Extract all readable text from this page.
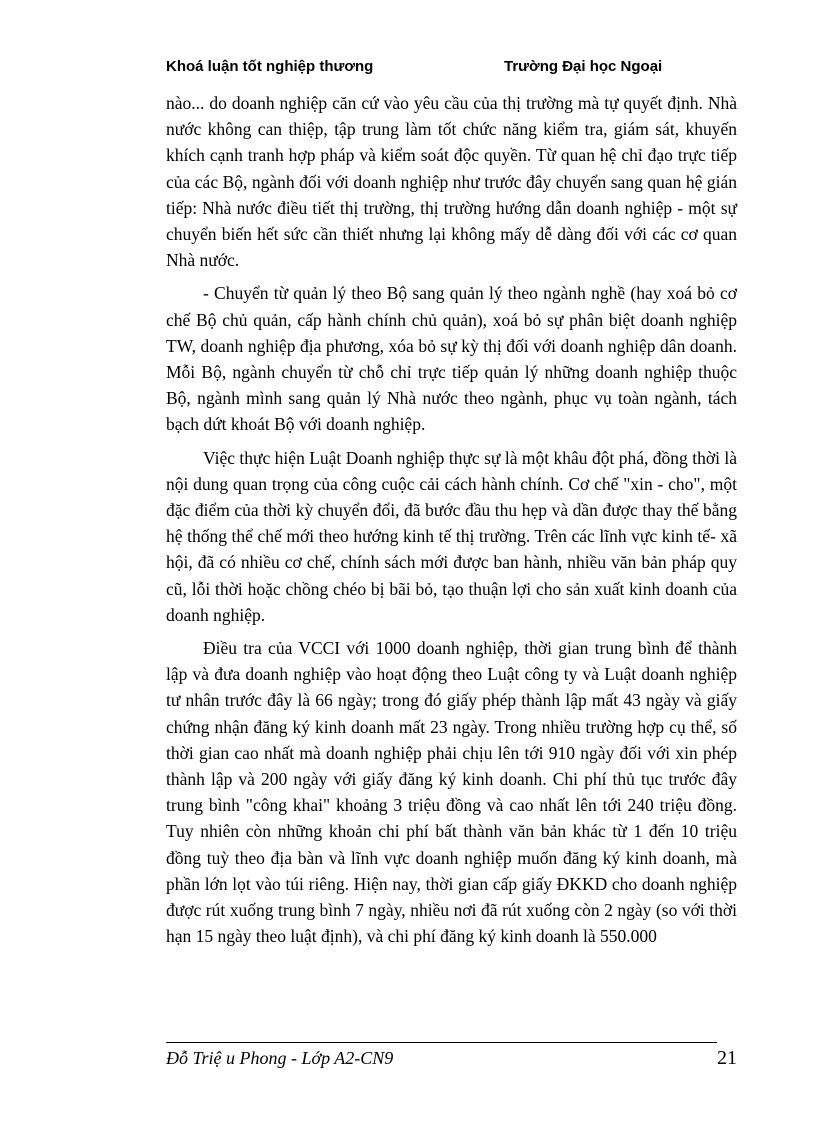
Khoá luận tốt nghiệp thương	Trường Đại học Ngoại

nào... do doanh nghiệp căn cứ vào yêu cầu của thị trường mà tự quyết định. Nhà nước không can thiệp, tập trung làm tốt chức năng kiểm tra, giám sát, khuyến khích cạnh tranh hợp pháp và kiểm soát độc quyền. Từ quan hệ chỉ đạo trực tiếp của các Bộ, ngành đối với doanh nghiệp như trước đây chuyển sang quan hệ gián tiếp: Nhà nước điều tiết thị trường, thị trường hướng dẫn doanh nghiệp - một sự chuyển biến hết sức cần thiết nhưng lại không mấy dễ dàng đối với các cơ quan Nhà nước.

- Chuyển từ quản lý theo Bộ sang quản lý theo ngành nghề (hay xoá bỏ cơ chế Bộ chủ quản, cấp hành chính chủ quản), xoá bỏ sự phân biệt doanh nghiệp TW, doanh nghiệp địa phương, xóa bỏ sự kỳ thị đối với doanh nghiệp dân doanh. Mỗi Bộ, ngành chuyển từ chỗ chỉ trực tiếp quản lý những doanh nghiệp thuộc Bộ, ngành mình sang quản lý Nhà nước theo ngành, phục vụ toàn ngành, tách bạch dứt khoát Bộ với doanh nghiệp.

Việc thực hiện Luật Doanh nghiệp thực sự là một khâu đột phá, đồng thời là nội dung quan trọng của công cuộc cải cách hành chính. Cơ chế "xin - cho", một đặc điểm của thời kỳ chuyển đổi, đã bước đầu thu hẹp và dần được thay thế bằng hệ thống thể chế mới theo hướng kinh tế thị trường. Trên các lĩnh vực kinh tế- xã hội, đã có nhiều cơ chế, chính sách mới được ban hành, nhiều văn bản pháp quy cũ, lỗi thời hoặc chồng chéo bị bãi bỏ, tạo thuận lợi cho sản xuất kinh doanh của doanh nghiệp.

Điều tra của VCCI với 1000 doanh nghiệp, thời gian trung bình để thành lập và đưa doanh nghiệp vào hoạt động theo Luật công ty và Luật doanh nghiệp tư nhân trước đây là 66 ngày; trong đó giấy phép thành lập mất 43 ngày và giấy chứng nhận đăng ký kinh doanh mất 23 ngày. Trong nhiều trường hợp cụ thể, số thời gian cao nhất mà doanh nghiệp phải chịu lên tới 910 ngày đối với xin phép thành lập và 200 ngày với giấy đăng ký kinh doanh. Chi phí thủ tục trước đây trung bình "công khai" khoảng 3 triệu đồng và cao nhất lên tới 240 triệu đồng. Tuy nhiên còn những khoản chi phí bất thành văn bản khác từ 1 đến 10 triệu đồng tuỳ theo địa bàn và lĩnh vực doanh nghiệp muốn đăng ký kinh doanh, mà phần lớn lọt vào túi riêng. Hiện nay, thời gian cấp giấy ĐKKD cho doanh nghiệp được rút xuống trung bình 7 ngày, nhiều nơi đã rút xuống còn 2 ngày (so với thời hạn 15 ngày theo luật định), và chi phí đăng ký kinh doanh là 550.000

Đỗ Triệ u Phong - Lớp A2-CN9	21
